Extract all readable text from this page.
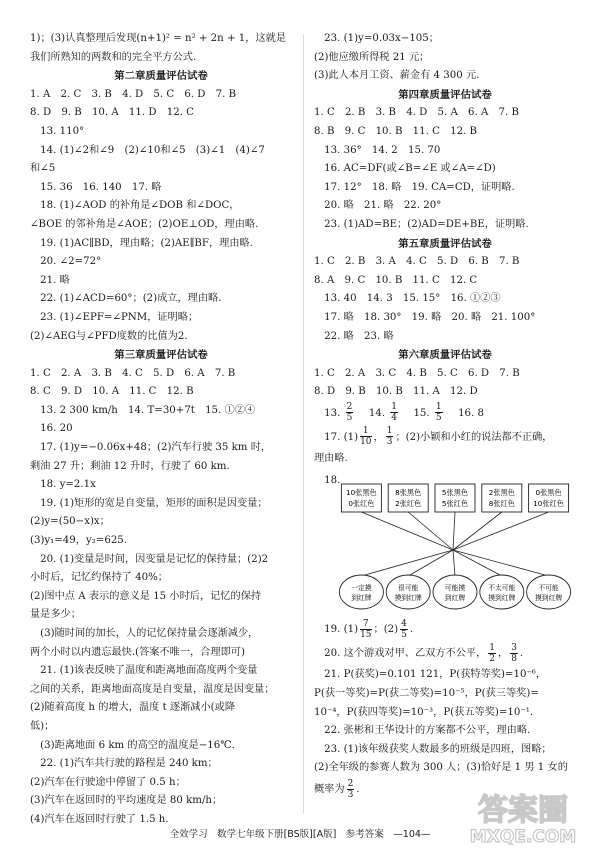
1)；(3)认真整理后发现(n+1)² = n² + 2n + 1，这就是
我们所熟知的两数和的完全平方公式.
第二章质量评估试卷
1. A　2. C　3. B　4. D　5. C　6. D　7. B
8. D　9. B　10. A　11. D　12. C
　13. 110°
　14. (1)∠2和∠9　(2)∠10和∠5　(3)∠1　(4)∠7
和∠5
　15. 36　16. 140　17. 略
　18. (1)∠AOD 的补角是∠DOB 和∠DOC，
∠BOE 的邻补角是∠AOE；(2)OE⊥OD，理由略.
　19. (1)AC∥BD，理由略；(2)AE∥BF，理由略.
　20. ∠2=72°
　21. 略
　22. (1)∠ACD=60°；(2)成立，理由略.
　23. (1)∠EPF=∠PNM，证明略；
(2)∠AEG与∠PFD度数的比值为2.
第三章质量评估试卷
1. C　2. A　3. B　4. C　5. D　6. A　7. B
8. C　9. D　10. A　11. C　12. B
　13. 2 300 km/h　14. T=30+7t　15. ①②④
　16. 20
　17. (1)y=−0.06x+48；(2)汽车行驶 35 km 时，
剩油 27 升；剩油 12 升时，行驶了 60 km.
　18. y=2.1x
　19. (1)矩形的宽是自变量，矩形的面积是因变量；
(2)y=(50−x)x；
(3)y₁=49，y₂=625.
　20. (1)变量是时间，因变量是记忆的保持量；(2)2
小时后，记忆约保持了 40%；
(2)图中点 A 表示的意义是 15 小时后，记忆的保持
量是多少；
　(3)随时间的加长，人的记忆保持量会逐渐减少，
两个小时以内遗忘最快.(答案不唯一，合理即可)
　21. (1)该表反映了温度和距离地面高度两个变量
之间的关系，距离地面高度是自变量，温度是因变量；
(2)随着高度 h 的增大，温度 t 逐渐减小(或降
低)；
　(3)距离地面 6 km 的高空的温度是−16℃.
　22. (1)汽车共行驶的路程是 240 km；
(2)汽车在行驶途中停留了 0.5 h；
(3)汽车在返回时的平均速度是 80 km/h；
(4)汽车在返回时行驶了 1.5 h.
　23. (1)y=0.03x−105；
(2)他应缴所得税 21 元；
(3)此人本月工资、薪金有 4 300 元.
第四章质量评估试卷
1. C　2. B　3. B　4. D　5. A　6. A　7. B
8. B　9. C　10. B　11. C　12. B
　13. 36°　14. 2　15. 70
　16. AC=DF(或∠B=∠E 或∠A=∠D)
　17. 12°　18. 略　19. CA=CD，证明略.
　20. 略　21. 略　22. 20°
　23. (1)AD=BE；(2)AD=DE+BE，证明略.
第五章质量评估试卷
1. C　2. B　3. A　4. C　5. D　6. B　7. B
8. A　9. C　10. B　11. C　12. C
　13. 40　14. 3　15. 15°　16. ①②③
　17. 略　18. 30°　19. 略　20. 略　21. 100°
　22. 略　23. 略
第六章质量评估试卷
1. C　2. A　3. C　4. B　5. C　6. D　7. B
8. D　9. B　10. B　11. A　12. D
　13. $\frac{2}{5}$
　 14. $\frac{1}{4}$
　 15. $\frac{1}{5}$
　 16. 8
　17. $(1) \frac{1}{10}$ ， $\frac{1}{3}$ ；(2)小颖和小红的说法都不正确，
理由略.
　18.
10张黑色
0张红色
一定摸
到红牌
8张黑色
2张红色
很可能
摸到红牌
5张黑色
5张红色
可能摸
到红牌
2张黑色
8张红色
不太可能
摸到红牌
0张黑色
10张红色
不可能
摸到红牌
　19. $(1) \frac{7}{15}$ ；$(2) \frac{4}{5}$ .
　20. 这个游戏对甲、乙双方不公平， $\frac{1}{2}$ ， $\frac{3}{8}$ .
　21. P(获奖)=0.101 121，P(获特等奖)=10⁻⁶，
P(获一等奖)=P(获二等奖)=10⁻⁵，P(获三等奖)=
10⁻⁴，P(获四等奖)=10⁻³，P(获五等奖)=10⁻¹.
　22. 张彬和王华设计的方案都不公平，理由略.
　23. (1)该年级获奖人数最多的班级是四班，图略；
(2)全年级的参赛人数为 300 人；(3)恰好是 1 男 1 女的
概率为 $\frac{2}{3}$ .
答案圈
MXQE.COM
全效学习　数学七年级下册[BS版][A版]　参考答案　—104—
